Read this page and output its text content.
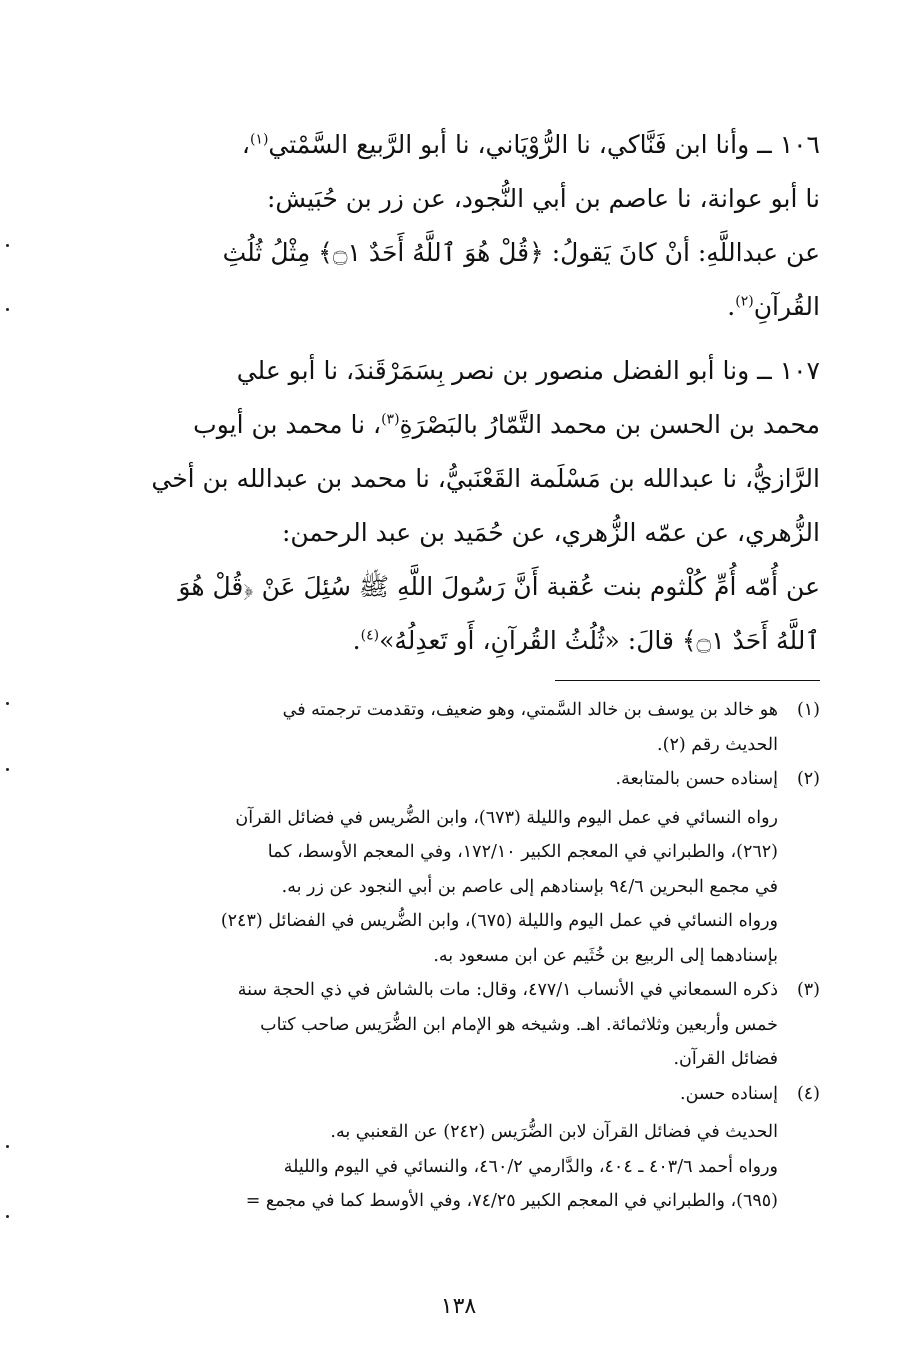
١٠٦ ــ وأنا ابن فَنَّاكي، نا الرُّوْيَاني، نا أبو الرَّبيع السَّمْتي$^{(١)}$،

نا أبو عوانة، نا عاصم بن أبي النُّجود، عن زر بن حُبَيش:

عن عبداللَّهِ: أنْ كانَ يَقولُ: ﴿قُلْ هُوَ ٱللَّهُ أَحَدٌ ۝١﴾ مِثْلُ ثُلُثِ

القُرآنِ$^{(٢)}$.

١٠٧ ــ ونا أبو الفضل منصور بن نصر بِسَمَرْقَندَ، نا أبو علي

محمد بن الحسن بن محمد التَّمّارُ بالبَصْرَةِ$^{(٣)}$، نا محمد بن أيوب

الرَّازيُّ، نا عبدالله بن مَسْلَمة القَعْنَبيُّ، نا محمد بن عبدالله بن أخي

الزُّهري، عن عمّه الزُّهري، عن حُمَيد بن عبد الرحمن:

عن أُمّه أُمِّ كُلْثوم بنت عُقبة أَنَّ رَسُولَ اللَّهِ ﷺ سُئِلَ عَنْ ﴿قُلْ هُوَ

ٱللَّهُ أَحَدٌ ۝١﴾ قالَ: «ثُلُثُ القُرآنِ، أَو تَعدِلُهُ»$^{(٤)}$.

(١)
هو خالد بن يوسف بن خالد السَّمتي، وهو ضعيف، وتقدمت ترجمته في
الحديث رقم (٢).
(٢)
إسناده حسن بالمتابعة.
رواه النسائي في عمل اليوم والليلة (٦٧٣)، وابن الضُّريس في فضائل القرآن
(٢٦٢)، والطبراني في المعجم الكبير ١٧٢/١٠، وفي المعجم الأوسط، كما
في مجمع البحرين ٩٤/٦ بإسنادهم إلى عاصم بن أبي النجود عن زر به.
ورواه النسائي في عمل اليوم والليلة (٦٧٥)، وابن الضُّريس في الفضائل (٢٤٣)
بإسنادهما إلى الربيع بن خُثَيم عن ابن مسعود به.
(٣)
ذكره السمعاني في الأنساب ٤٧٧/١، وقال: مات بالشاش في ذي الحجة سنة
خمس وأربعين وثلاثمائة. اهـ. وشيخه هو الإمام ابن الضُّرَيس صاحب كتاب
فضائل القرآن.
(٤)
إسناده حسن.
الحديث في فضائل القرآن لابن الضُّرَيس (٢٤٢) عن القعنبي به.
ورواه أحمد ٤٠٣/٦ ـ ٤٠٤، والدَّارمي ٤٦٠/٢، والنسائي في اليوم والليلة
(٦٩٥)، والطبراني في المعجم الكبير ٧٤/٢٥، وفي الأوسط كما في مجمع =
١٣٨
